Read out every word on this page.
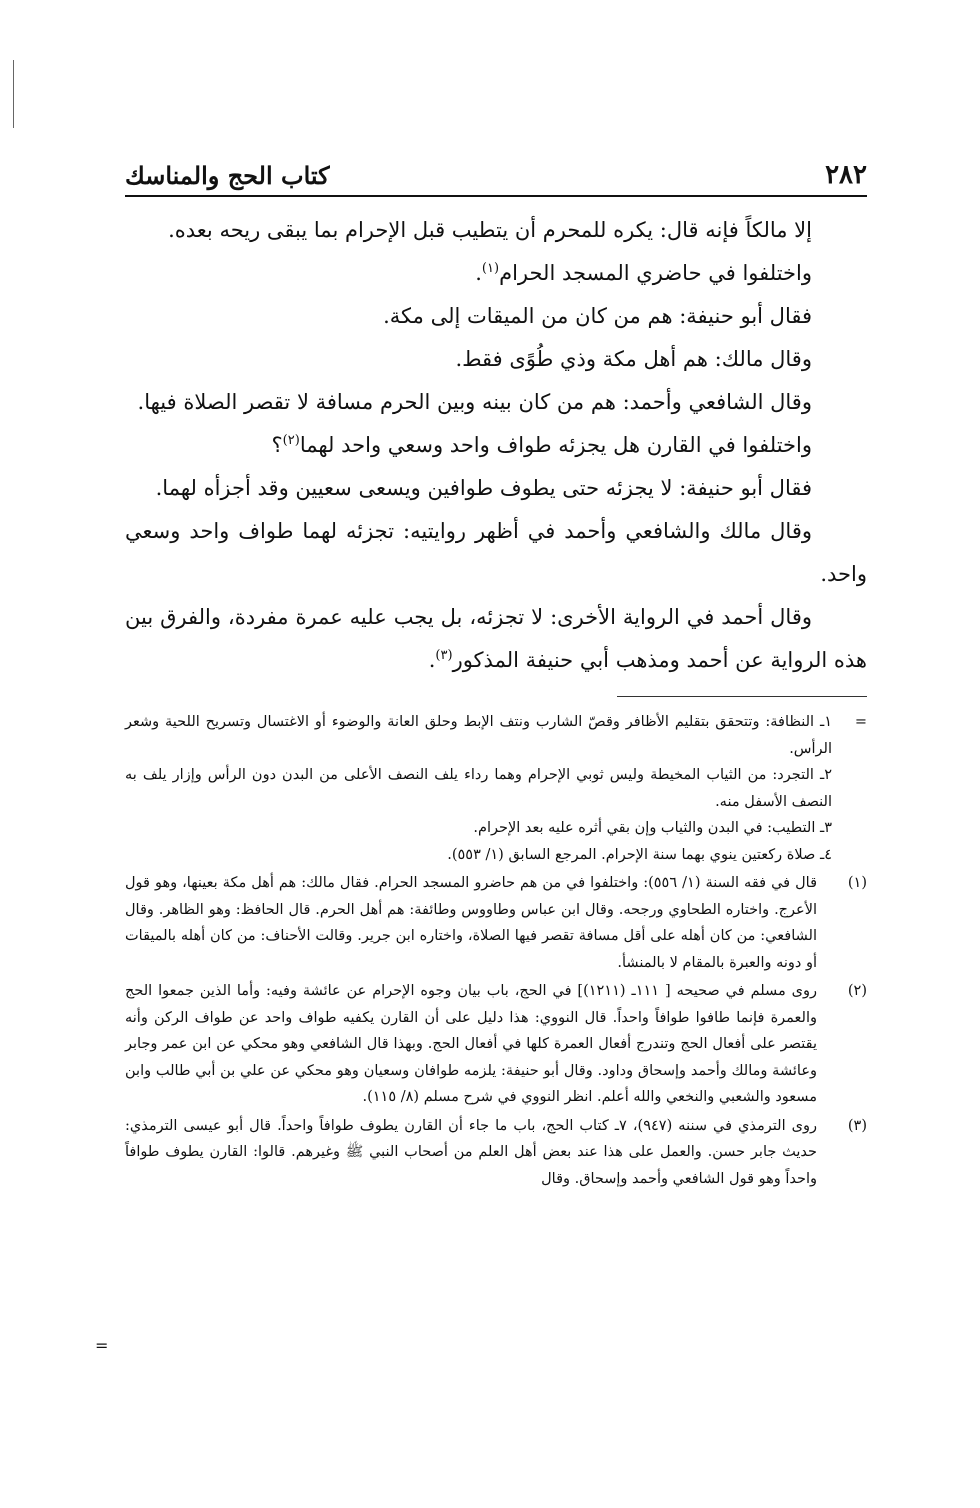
٢٨٢
كتاب الحج والمناسك

إلا مالكاً فإنه قال: يكره للمحرم أن يتطيب قبل الإحرام بما يبقى ريحه بعده.

واختلفوا في حاضري المسجد الحرام$^{(١)}$.

فقال أبو حنيفة: هم من كان من الميقات إلى مكة.

وقال مالك: هم أهل مكة وذي طُوًى فقط.

وقال الشافعي وأحمد: هم من كان بينه وبين الحرم مسافة لا تقصر الصلاة فيها.

واختلفوا في القارن هل يجزئه طواف واحد وسعي واحد لهما$^{(٢)}$؟

فقال أبو حنيفة: لا يجزئه حتى يطوف طوافين ويسعى سعيين وقد أجزأه لهما.

وقال مالك والشافعي وأحمد في أظهر روايتيه: تجزئه لهما طواف واحد وسعي واحد.

وقال أحمد في الرواية الأخرى: لا تجزئه، بل يجب عليه عمرة مفردة، والفرق بين هذه الرواية عن أحمد ومذهب أبي حنيفة المذكور$^{(٣)}$.

=

١ـ النظافة: وتتحقق بتقليم الأظافر وقصّ الشارب ونتف الإبط وحلق العانة والوضوء أو الاغتسال وتسريح اللحية وشعر الرأس.

٢ـ التجرد: من الثياب المخيطة وليس ثوبي الإحرام وهما رداء يلف النصف الأعلى من البدن دون الرأس وإزار يلف به النصف الأسفل منه.

٣ـ التطيب: في البدن والثياب وإن بقي أثره عليه بعد الإحرام.

٤ـ صلاة ركعتين ينوي بهما سنة الإحرام. المرجع السابق (١/ ٥٥٣).

(١)

قال في فقه السنة (١/ ٥٥٦): واختلفوا في من هم حاضرو المسجد الحرام. فقال مالك: هم أهل مكة بعينها، وهو قول الأعرج. واختاره الطحاوي ورجحه. وقال ابن عباس وطاووس وطائفة: هم أهل الحرم. قال الحافظ: وهو الظاهر. وقال الشافعي: من كان أهله على أقل مسافة تقصر فيها الصلاة، واختاره ابن جرير. وقالت الأحناف: من كان أهله بالميقات أو دونه والعبرة بالمقام لا بالمنشأ.

(٢)

روى مسلم في صحيحه [ ١١١ـ (١٢١١)] في الحج، باب بيان وجوه الإحرام عن عائشة وفيه: وأما الذين جمعوا الحج والعمرة فإنما طافوا طوافاً واحداً. قال النووي: هذا دليل على أن القارن يكفيه طواف واحد عن طواف الركن وأنه يقتصر على أفعال الحج وتندرج أفعال العمرة كلها في أفعال الحج. وبهذا قال الشافعي وهو محكي عن ابن عمر وجابر وعائشة ومالك وأحمد وإسحاق وداود. وقال أبو حنيفة: يلزمه طوافان وسعيان وهو محكي عن علي بن أبي طالب وابن مسعود والشعبي والنخعي والله أعلم. انظر النووي في شرح مسلم (٨/ ١١٥).

(٣)

روى الترمذي في سننه (٩٤٧)، ٧ـ كتاب الحج، باب ما جاء أن القارن يطوف طوافاً واحداً. قال أبو عيسى الترمذي: حديث جابر حسن. والعمل على هذا عند بعض أهل العلم من أصحاب النبي ﷺ وغيرهم. قالوا: القارن يطوف طوافاً واحداً وهو قول الشافعي وأحمد وإسحاق. وقال

=
